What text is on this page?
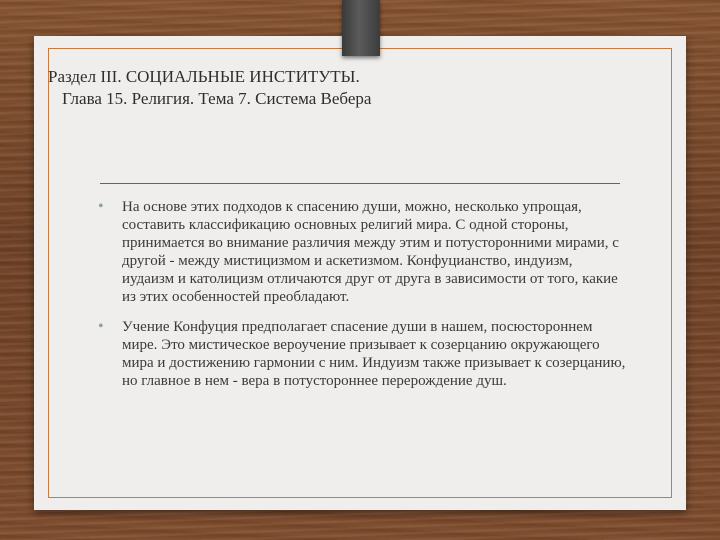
Раздел III. СОЦИАЛЬНЫЕ ИНСТИТУТЫ.
Глава 15. Религия. Тема 7. Система Вебера
• На основе этих подходов к спасению души, можно, несколько упрощая, составить классификацию основных религий мира. С одной стороны, принимается во внимание различия между этим и потусторонними мирами, с другой - между мистицизмом и аскетизмом. Конфуцианство, индуизм, иудаизм и католицизм отличаются друг от друга в зависимости от того, какие из этих особенностей преобладают.
• Учение Конфуция предполагает спасение души в нашем, посюстороннем мире. Это мистическое вероучение призывает к созерцанию окружающего мира и достижению гармонии с ним. Индуизм также призывает к созерцанию, но главное в нем - вера в потустороннее перерождение душ.
